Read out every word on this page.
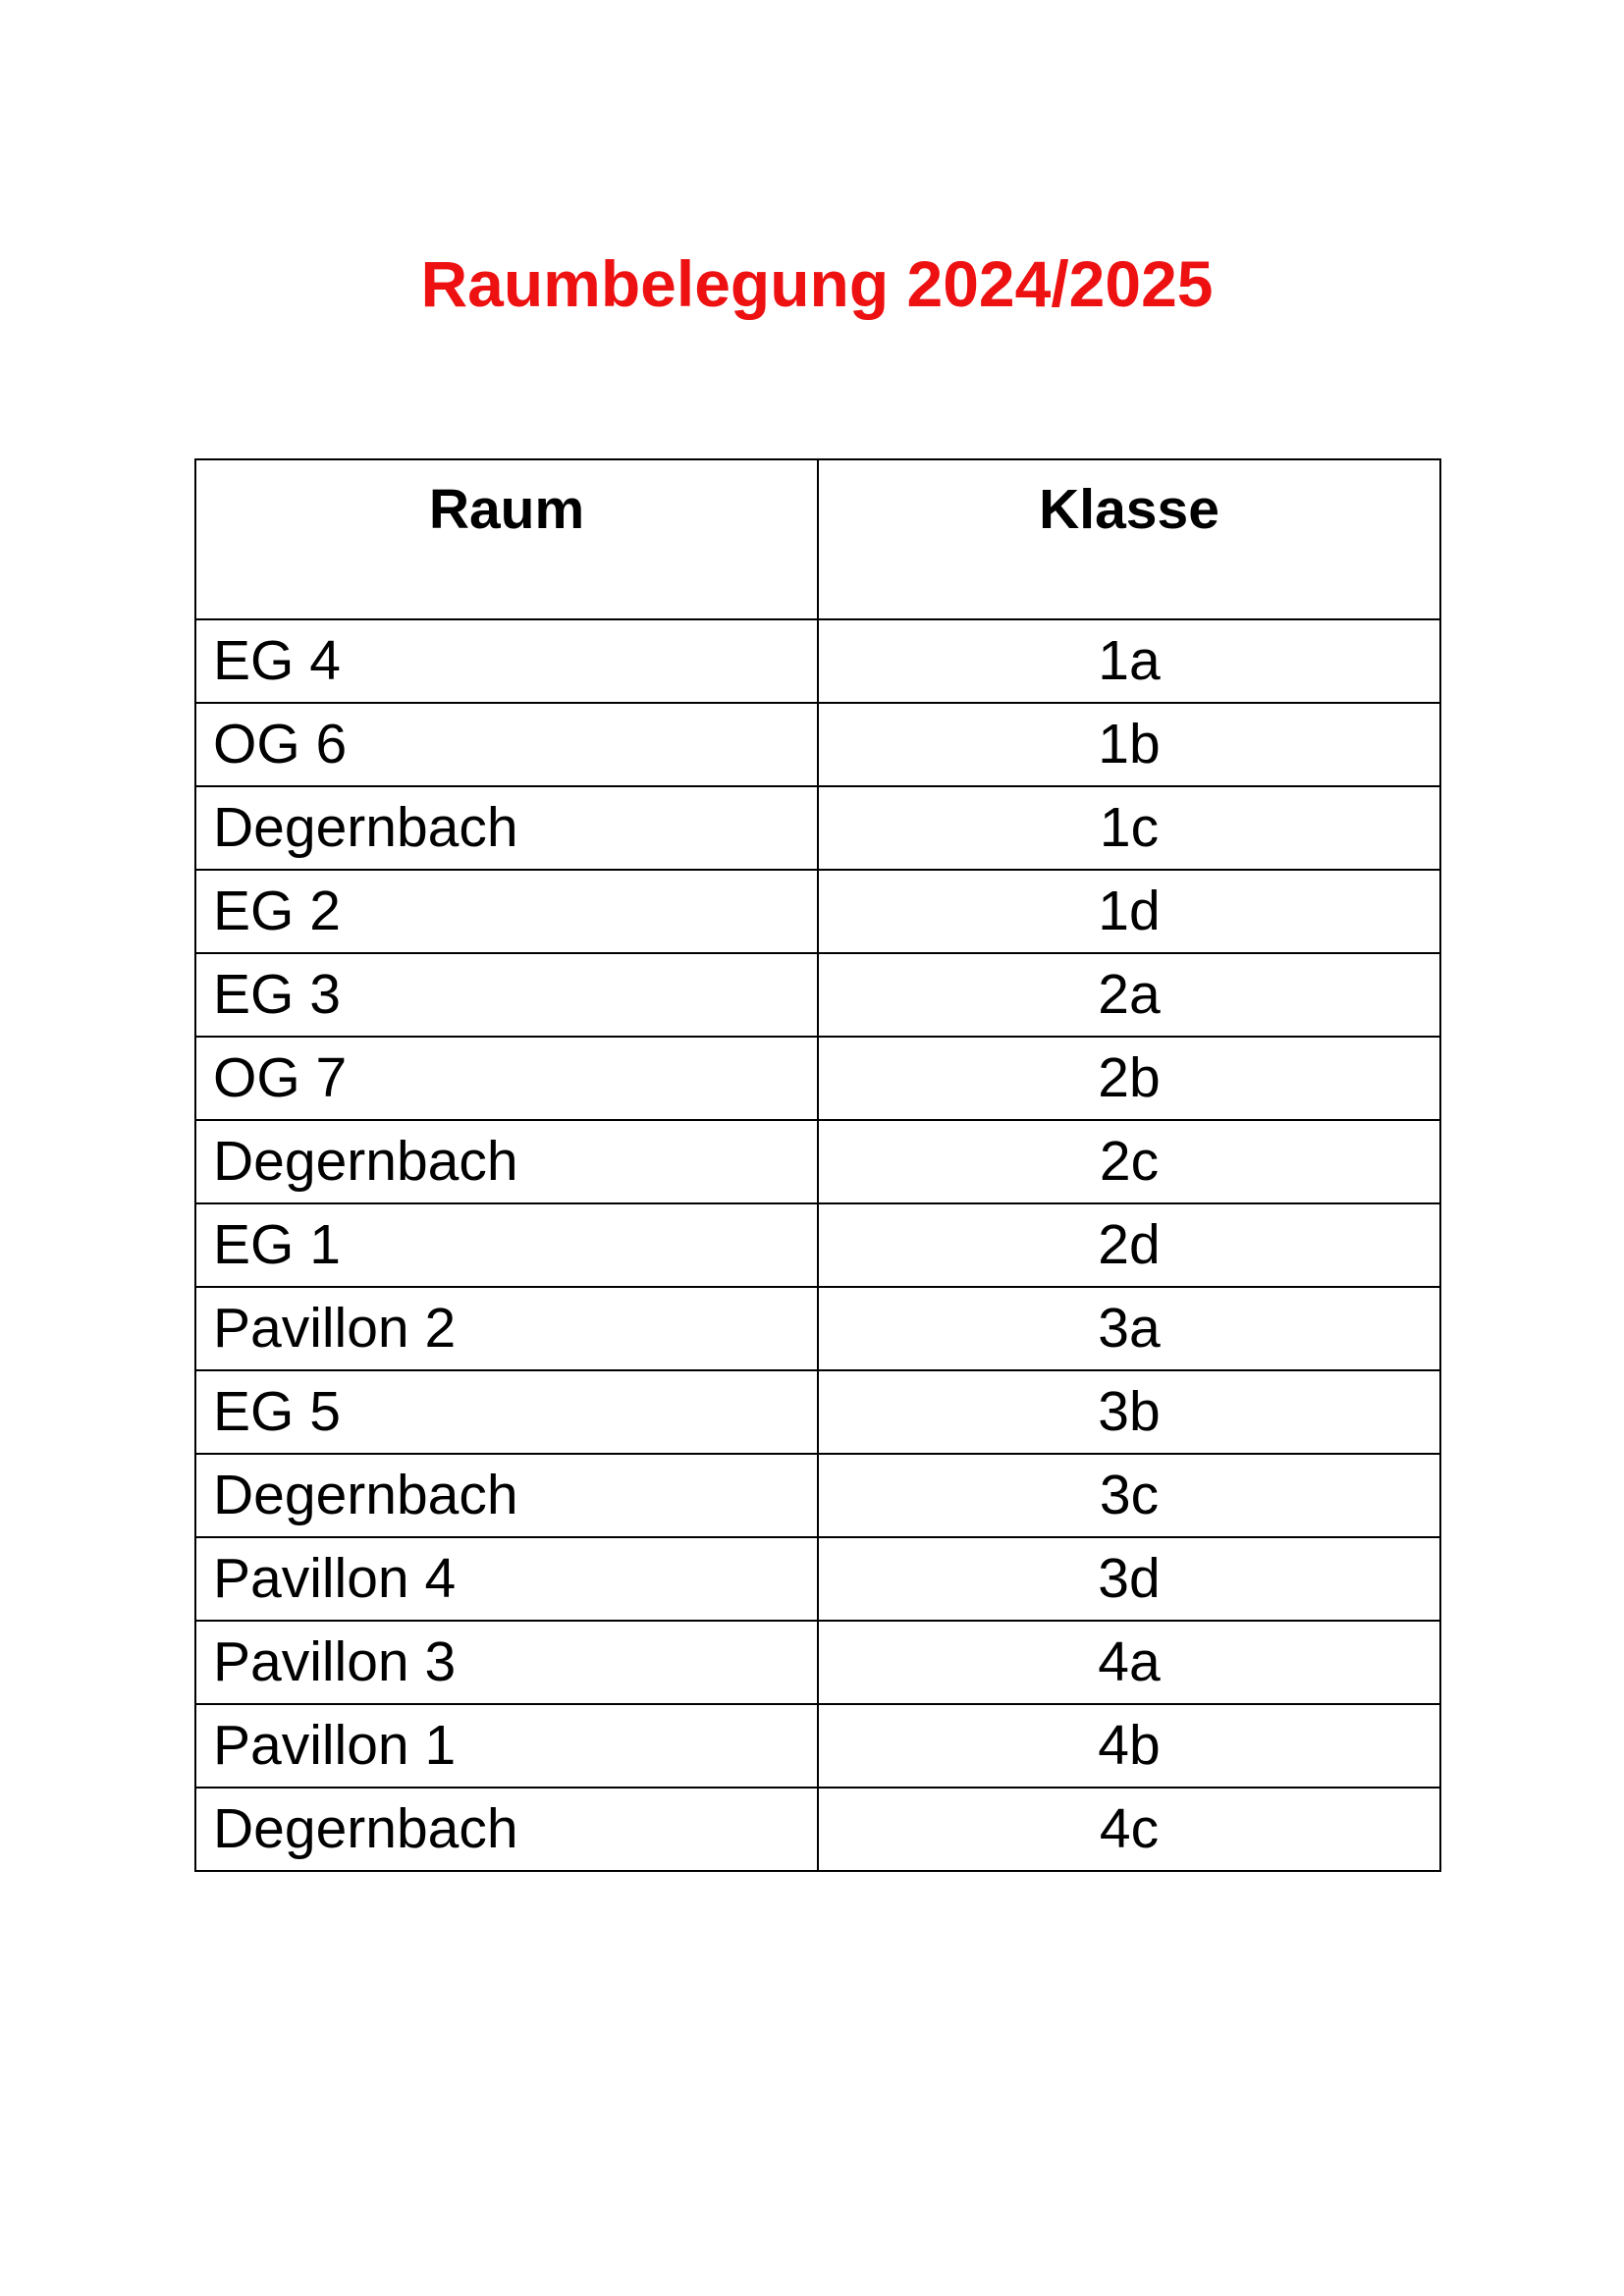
Raumbelegung 2024/2025
Raum	Klasse
EG 4	1a
OG 6	1b
Degernbach	1c
EG 2	1d
EG 3	2a
OG 7	2b
Degernbach	2c
EG 1	2d
Pavillon 2	3a
EG 5	3b
Degernbach	3c
Pavillon 4	3d
Pavillon 3	4a
Pavillon 1	4b
Degernbach	4c
